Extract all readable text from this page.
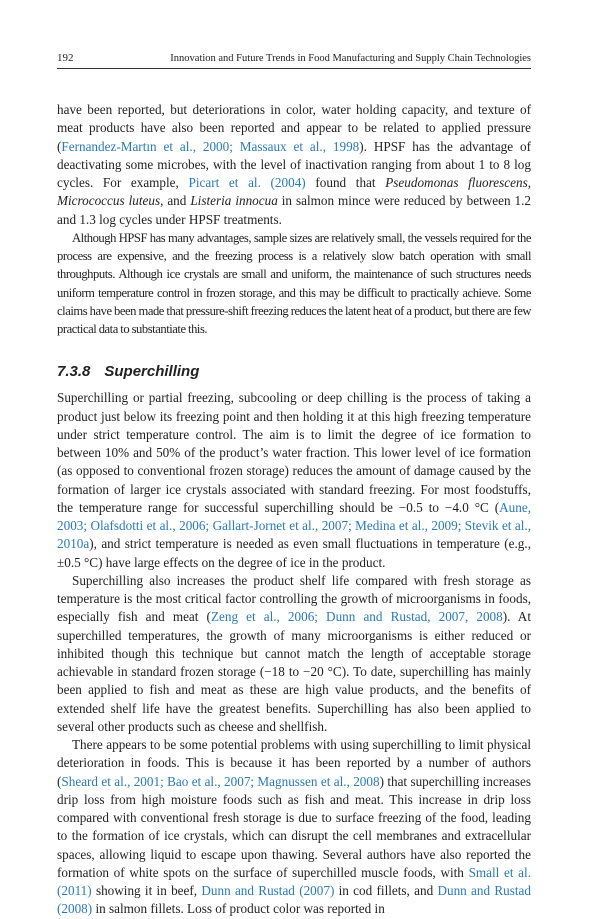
192	Innovation and Future Trends in Food Manufacturing and Supply Chain Technologies

have been reported, but deteriorations in color, water holding capacity, and texture of meat products have also been reported and appear to be related to applied pressure (Fernandez-Martın et al., 2000; Massaux et al., 1998). HPSF has the advantage of deactivating some microbes, with the level of inactivation ranging from about 1 to 8 log cycles. For example, Picart et al. (2004) found that Pseudomonas fluorescens, Micrococcus luteus, and Listeria innocua in salmon mince were reduced by between 1.2 and 1.3 log cycles under HPSF treatments.

Although HPSF has many advantages, sample sizes are relatively small, the vessels required for the process are expensive, and the freezing process is a relatively slow batch operation with small throughputs. Although ice crystals are small and uniform, the maintenance of such structures needs uniform temperature control in frozen storage, and this may be difficult to practically achieve. Some claims have been made that pressure-shift freezing reduces the latent heat of a product, but there are few practical data to substantiate this.

7.3.8 Superchilling

Superchilling or partial freezing, subcooling or deep chilling is the process of taking a product just below its freezing point and then holding it at this high freezing temperature under strict temperature control. The aim is to limit the degree of ice formation to between 10% and 50% of the product’s water fraction. This lower level of ice formation (as opposed to conventional frozen storage) reduces the amount of damage caused by the formation of larger ice crystals associated with standard freezing. For most foodstuffs, the temperature range for successful superchilling should be −0.5 to −4.0 °C (Aune, 2003; Olafsdotti et al., 2006; Gallart-Jornet et al., 2007; Medina et al., 2009; Stevik et al., 2010a), and strict temperature is needed as even small fluctuations in temperature (e.g., ±0.5 °C) have large effects on the degree of ice in the product.

Superchilling also increases the product shelf life compared with fresh storage as temperature is the most critical factor controlling the growth of microorganisms in foods, especially fish and meat (Zeng et al., 2006; Dunn and Rustad, 2007, 2008). At superchilled temperatures, the growth of many microorganisms is either reduced or inhibited though this technique but cannot match the length of acceptable storage achievable in standard frozen storage (−18 to −20 °C). To date, superchilling has mainly been applied to fish and meat as these are high value products, and the benefits of extended shelf life have the greatest benefits. Superchilling has also been applied to several other products such as cheese and shellfish.

There appears to be some potential problems with using superchilling to limit physical deterioration in foods. This is because it has been reported by a number of authors (Sheard et al., 2001; Bao et al., 2007; Magnussen et al., 2008) that superchilling increases drip loss from high moisture foods such as fish and meat. This increase in drip loss compared with conventional fresh storage is due to surface freezing of the food, leading to the formation of ice crystals, which can disrupt the cell membranes and extracellular spaces, allowing liquid to escape upon thawing. Several authors have also reported the formation of white spots on the surface of superchilled muscle foods, with Small et al. (2011) showing it in beef, Dunn and Rustad (2007) in cod fillets, and Dunn and Rustad (2008) in salmon fillets. Loss of product color was reported in
